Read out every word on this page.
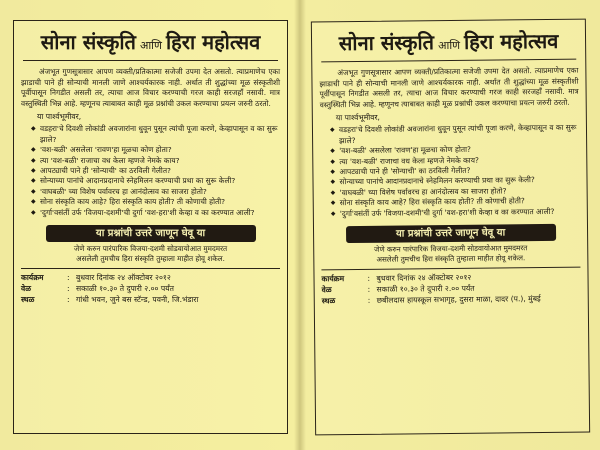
सोना संस्कृति आणि हिरा महोत्सव

अंजभूत गुणसूत्रासार आपण व्यक्ती/प्रतिकात्मा सजेजी उपमा देत असतो. त्याप्रमाणेच एका झाडाची पाने ही सोन्याची मानली जाणे आश्चर्यकारक नाही. अर्थात ती शुद्धांच्या मूळ संस्कृतीशी पूर्वीपासून निगडीत असली तर, त्याचा आज विचार करण्याची गरज काही सरजहाँ नसावी. मात्र वस्तुस्थिती भिन्न आहे. म्हणूनच त्याबाबत काही मूळ प्रश्नांची उकल करण्याचा प्रयत्न जरुरी ठरतो.

या पार्श्वभूमीवर,

◆ वडहरा'चे दिवशी लोकांडी अवजारांना धुवून पुसून त्यांची पूजा करणे, केव्हापासून व का सुरू झाले?
◆ 'वश-बळी' असलेला 'रावण'हा मूळचा कोण होता?
◆ त्या 'वश-बळी' राजाचा वध केला म्हणजे नेमके काय?
◆ आपट्याची पाने ही 'सोन्याची' का ठरविली गेलीत?
◆ सोन्याच्या पानांचे आदानप्रदानाचे स्नेहमिलन करण्याची प्रथा का सुरू केली?
◆ 'वाघबळी' च्या विशेष पर्वावरच हा आनंदोत्सव का साजरा होतो?
◆ सोना संस्कृति काय आहे? हिरा संस्कृति काय होती? ती कोणाची होती?
◆ 'दुर्गा'वसंतीं उर्फ 'विजया-दशमी'ची दुर्गा 'वश-हरा'शी केव्हा व का करण्यात आली?
या प्रश्नांची उत्तरे जाणून घेवू या

जेणे करुन पारंपारिक विजया-दशमी सोडवायोआत मुमदमरत

असलेली तुमचीच हिरा संस्कृति तुम्हाला माहीत होवू शकेल.

कार्यक्रम	: बुधवार दिनांक २४ ऑक्टोबर २०१२
वेळ	: सकाळी १०.३० ते दुपारी २.०० पर्यंत
स्थळ	: गांधी भवन, जुने बस स्टॅन्ड, पवनी, जि.भंडारा
सोना संस्कृति आणि हिरा महोत्सव

अंजभूत गुणसूत्रासार आपण व्यक्ती/प्रतिकात्मा सजेजी उपमा देत असतो. त्याप्रमाणेच एका झाडाची पाने ही सोन्याची मानली जाणे आश्चर्यकारक नाही. अर्थात ती शुद्धांच्या मूळ संस्कृतीशी पूर्वीपासून निगडीत असली तर, त्याचा आज विचार करण्याची गरज काही सरजहाँ नसावी. मात्र वस्तुस्थिती भिन्न आहे. म्हणूनच त्याबाबत काही मूळ प्रश्नांची उकल करण्याचा प्रयत्न जरुरी ठरतो.

या पार्श्वभूमीवर,

◆ वडहरा'चे दिवशी लोकांडी अवजारांना धुवून पुसून त्यांची पूजा करणे, केव्हापासून व का सुरू झाले?
◆ 'वश-बळी' असलेला 'रावण'हा मूळचा कोण होता?
◆ त्या 'वश-बळी' राजाचा वध केला म्हणजे नेमके काय?
◆ आपट्याची पाने ही 'सोन्याची' का ठरविली गेलीत?
◆ सोन्याच्या पानांचे आदानप्रदानाचे स्नेहमिलन करण्याची प्रथा का सुरू केली?
◆ 'वाघबळी' च्या विशेष पर्वावरच हा आनंदोत्सव का साजरा होतो?
◆ सोना संस्कृति काय आहे? हिरा संस्कृति काय होती? ती कोणाची होती?
◆ 'दुर्गा'वसंतीं उर्फ 'विजया-दशमी'ची दुर्गा 'वश-हरा'शी केव्हा व का करण्यात आली?
या प्रश्नांची उत्तरे जाणून घेवू या

जेणे करुन पारंपारिक विजया-दशमी सोडवायोआत मुमदमरत

असलेली तुमचीच हिरा संस्कृति तुम्हाला माहीत होवू शकेल.

कार्यक्रम	: बुधवार दिनांक २४ ऑक्टोबर २०१२
वेळ	: सकाळी १०.३० ते दुपारी २.०० पर्यंत
स्थळ	: छबीलदास हायस्कूल सभागृह, दुसरा माळा, दादर (प.), मुंबई
